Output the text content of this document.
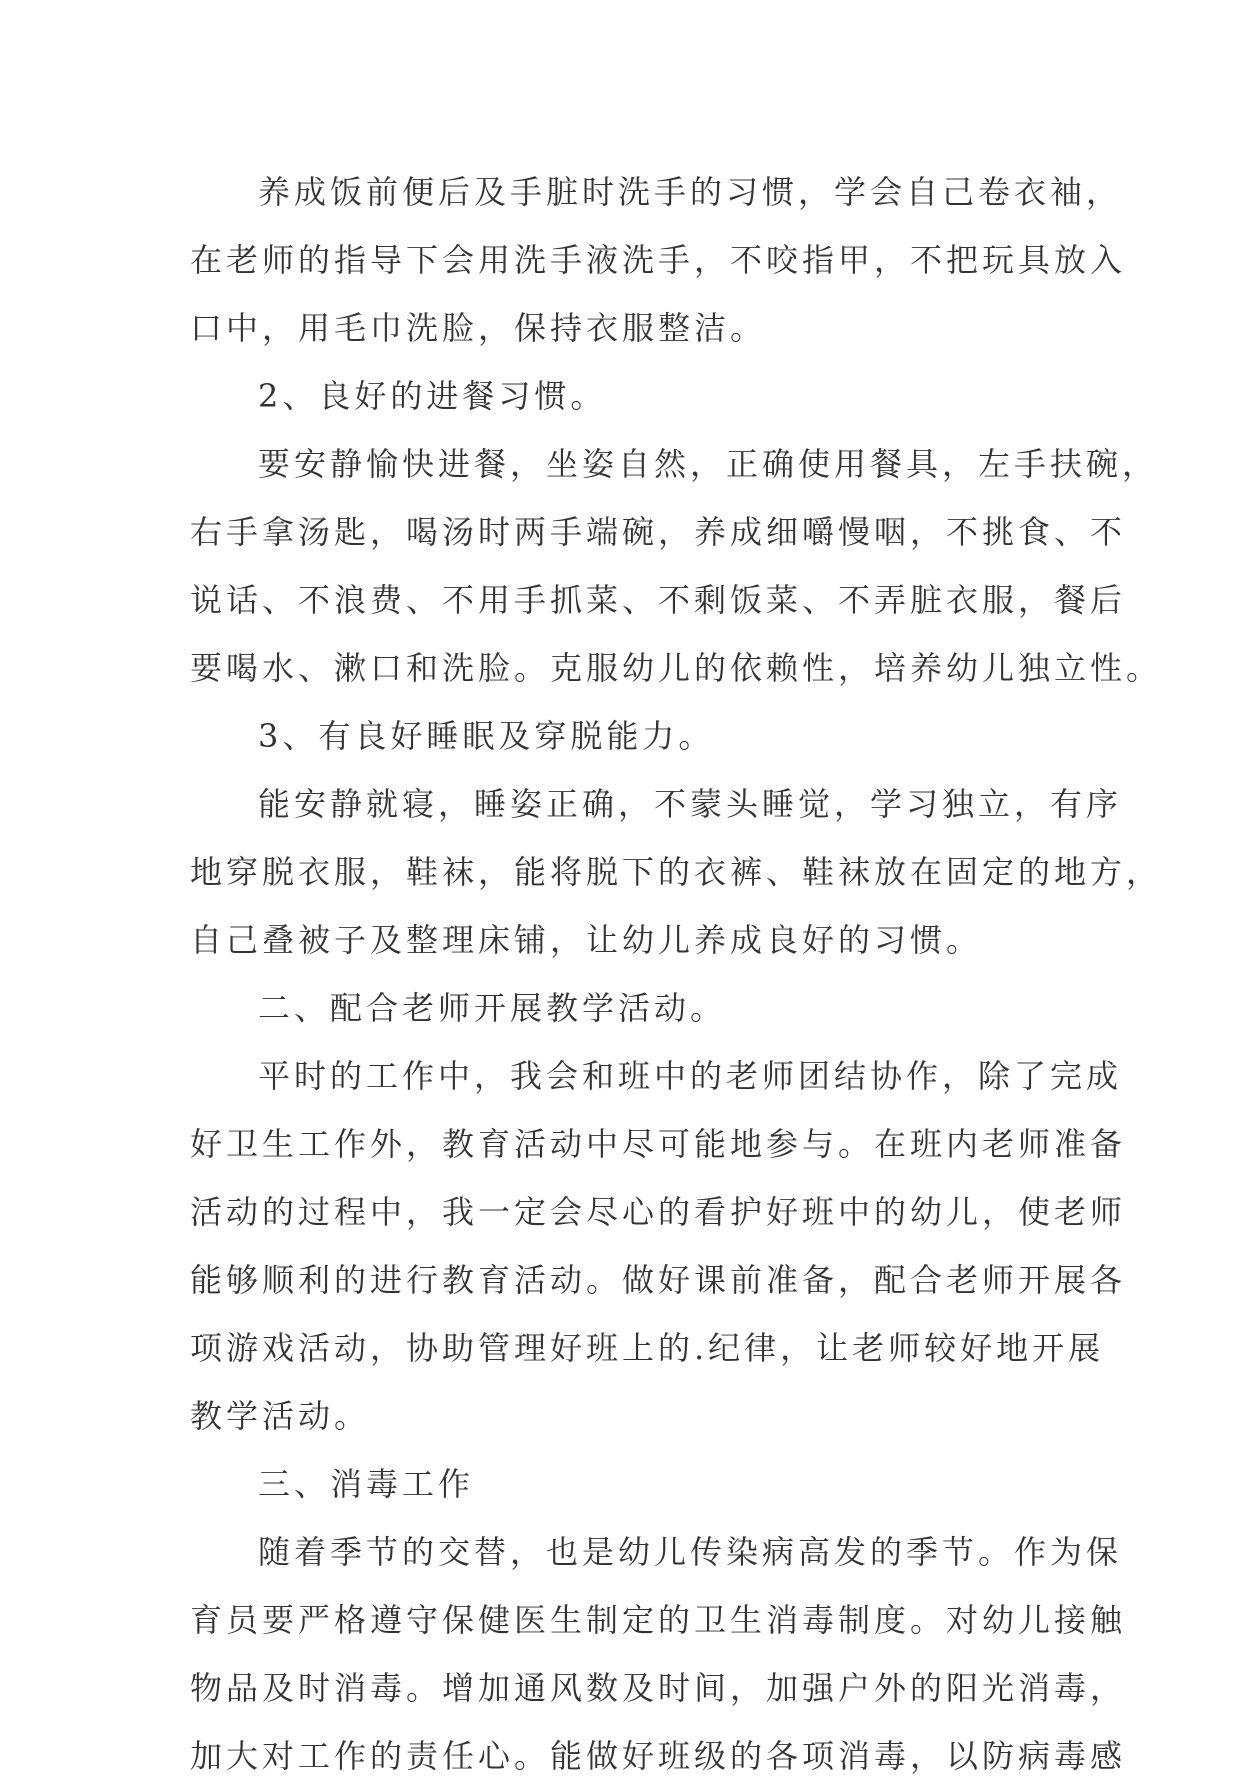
养成饭前便后及手脏时洗手的习惯，学会自己卷衣袖，
在老师的指导下会用洗手液洗手，不咬指甲，不把玩具放入
口中，用毛巾洗脸，保持衣服整洁。
2、良好的进餐习惯。
要安静愉快进餐，坐姿自然，正确使用餐具，左手扶碗，
右手拿汤匙，喝汤时两手端碗，养成细嚼慢咽，不挑食、不
说话、不浪费、不用手抓菜、不剩饭菜、不弄脏衣服，餐后
要喝水、漱口和洗脸。克服幼儿的依赖性，培养幼儿独立性。
3、有良好睡眠及穿脱能力。
能安静就寝，睡姿正确，不蒙头睡觉，学习独立，有序
地穿脱衣服，鞋袜，能将脱下的衣裤、鞋袜放在固定的地方，
自己叠被子及整理床铺，让幼儿养成良好的习惯。
二、配合老师开展教学活动。
平时的工作中，我会和班中的老师团结协作，除了完成
好卫生工作外，教育活动中尽可能地参与。在班内老师准备
活动的过程中，我一定会尽心的看护好班中的幼儿，使老师
能够顺利的进行教育活动。做好课前准备，配合老师开展各
项游戏活动，协助管理好班上的.纪律，让老师较好地开展
教学活动。
三、消毒工作
随着季节的交替，也是幼儿传染病高发的季节。作为保
育员要严格遵守保健医生制定的卫生消毒制度。对幼儿接触
物品及时消毒。增加通风数及时间，加强户外的阳光消毒，
加大对工作的责任心。能做好班级的各项消毒，以防病毒感
